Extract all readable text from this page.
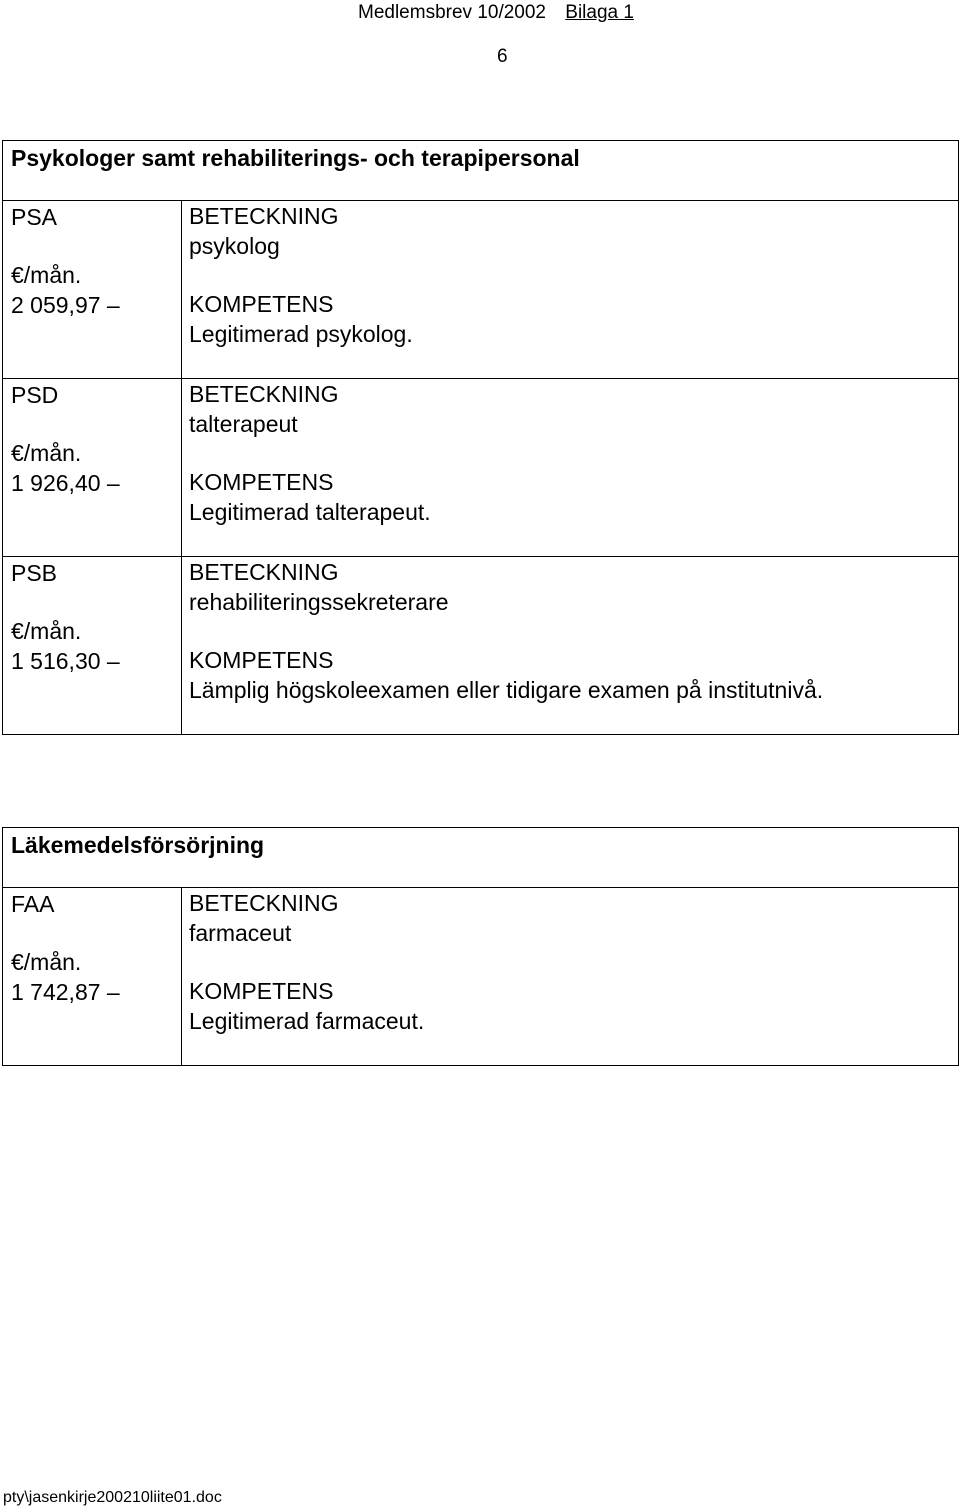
Medlemsbrev 10/2002 Bilaga 1
6
Psykologer samt rehabiliterings- och terapipersonal	

PSA
€/mån.
2 059,97 –	BETECKNING
psykolog
KOMPETENS
Legitimerad psykolog.

PSD
€/mån.
1 926,40 –	BETECKNING
talterapeut
KOMPETENS
Legitimerad talterapeut.

PSB
€/mån.
1 516,30 –	BETECKNING
rehabiliteringssekreterare
KOMPETENS
Lämplig högskoleexamen eller tidigare examen på institutnivå.
Läkemedelsförsörjning

FAA
€/mån.
1 742,87 –

BETECKNING
farmaceut
KOMPETENS
Legitimerad farmaceut.
pty\jasenkirje200210liite01.doc
